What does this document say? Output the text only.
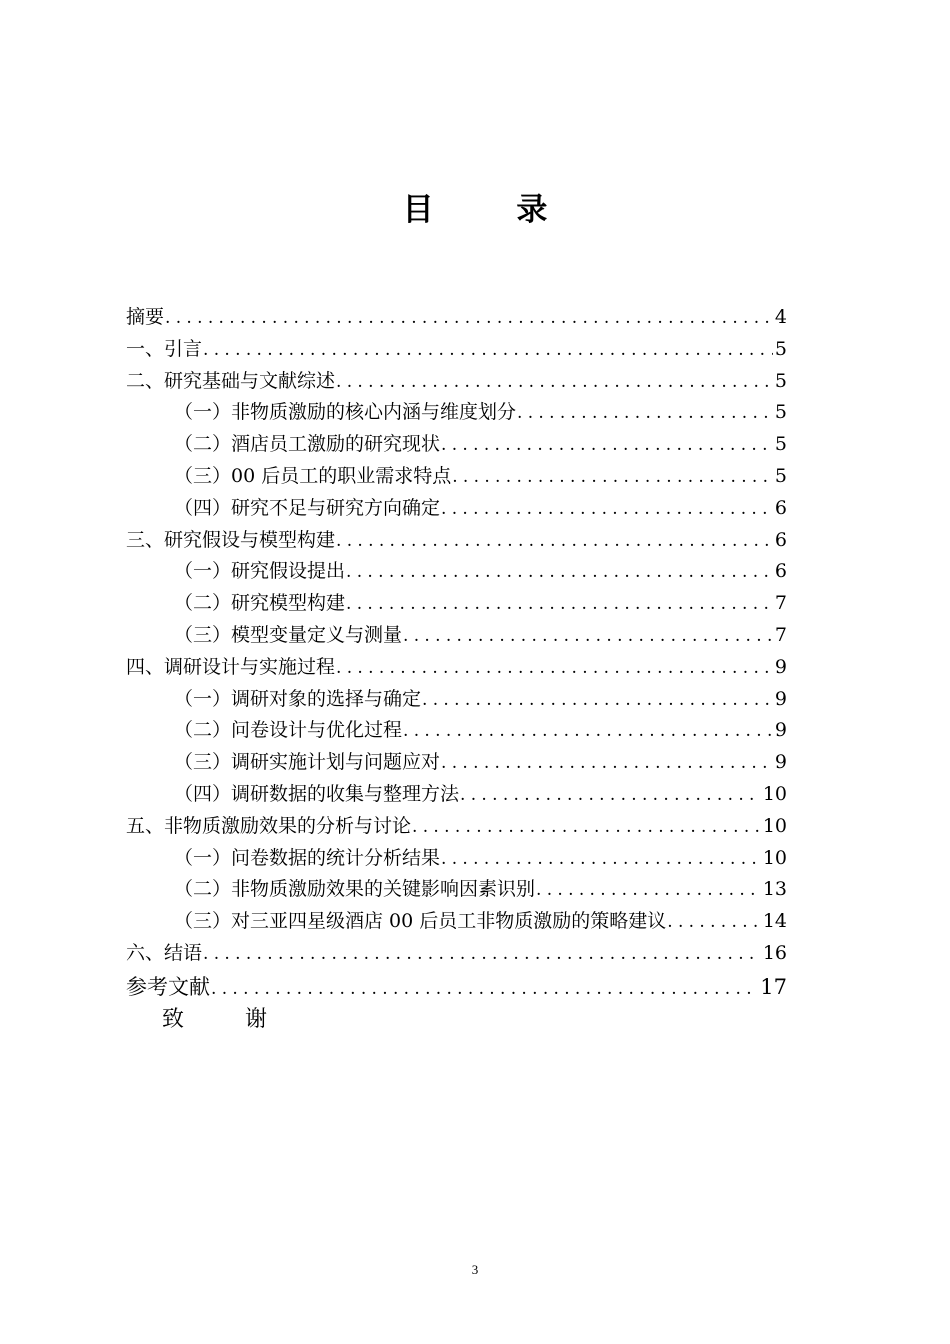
目 录
摘要 .....	4
一、引言 .....	5
二、研究基础与文献综述 .....	5
（一）非物质激励的核心内涵与维度划分 .....	5
（二）酒店员工激励的研究现状 .....	5
（三）00 后员工的职业需求特点 .....	5
（四）研究不足与研究方向确定 .....	6
三、研究假设与模型构建 .....	6
（一）研究假设提出 .....	6
（二）研究模型构建 .....	7
（三）模型变量定义与测量 .....	7
四、调研设计与实施过程 .....	9
（一）调研对象的选择与确定 .....	9
（二）问卷设计与优化过程 .....	9
（三）调研实施计划与问题应对 .....	9
（四）调研数据的收集与整理方法 .....	10
五、非物质激励效果的分析与讨论 .....	10
（一）问卷数据的统计分析结果 .....	10
（二）非物质激励效果的关键影响因素识别 .....	13
（三）对三亚四星级酒店 00 后员工非物质激励的策略建议 .....	14
六、结语 .....	16
参考文献 .....	17
致 谢
3
